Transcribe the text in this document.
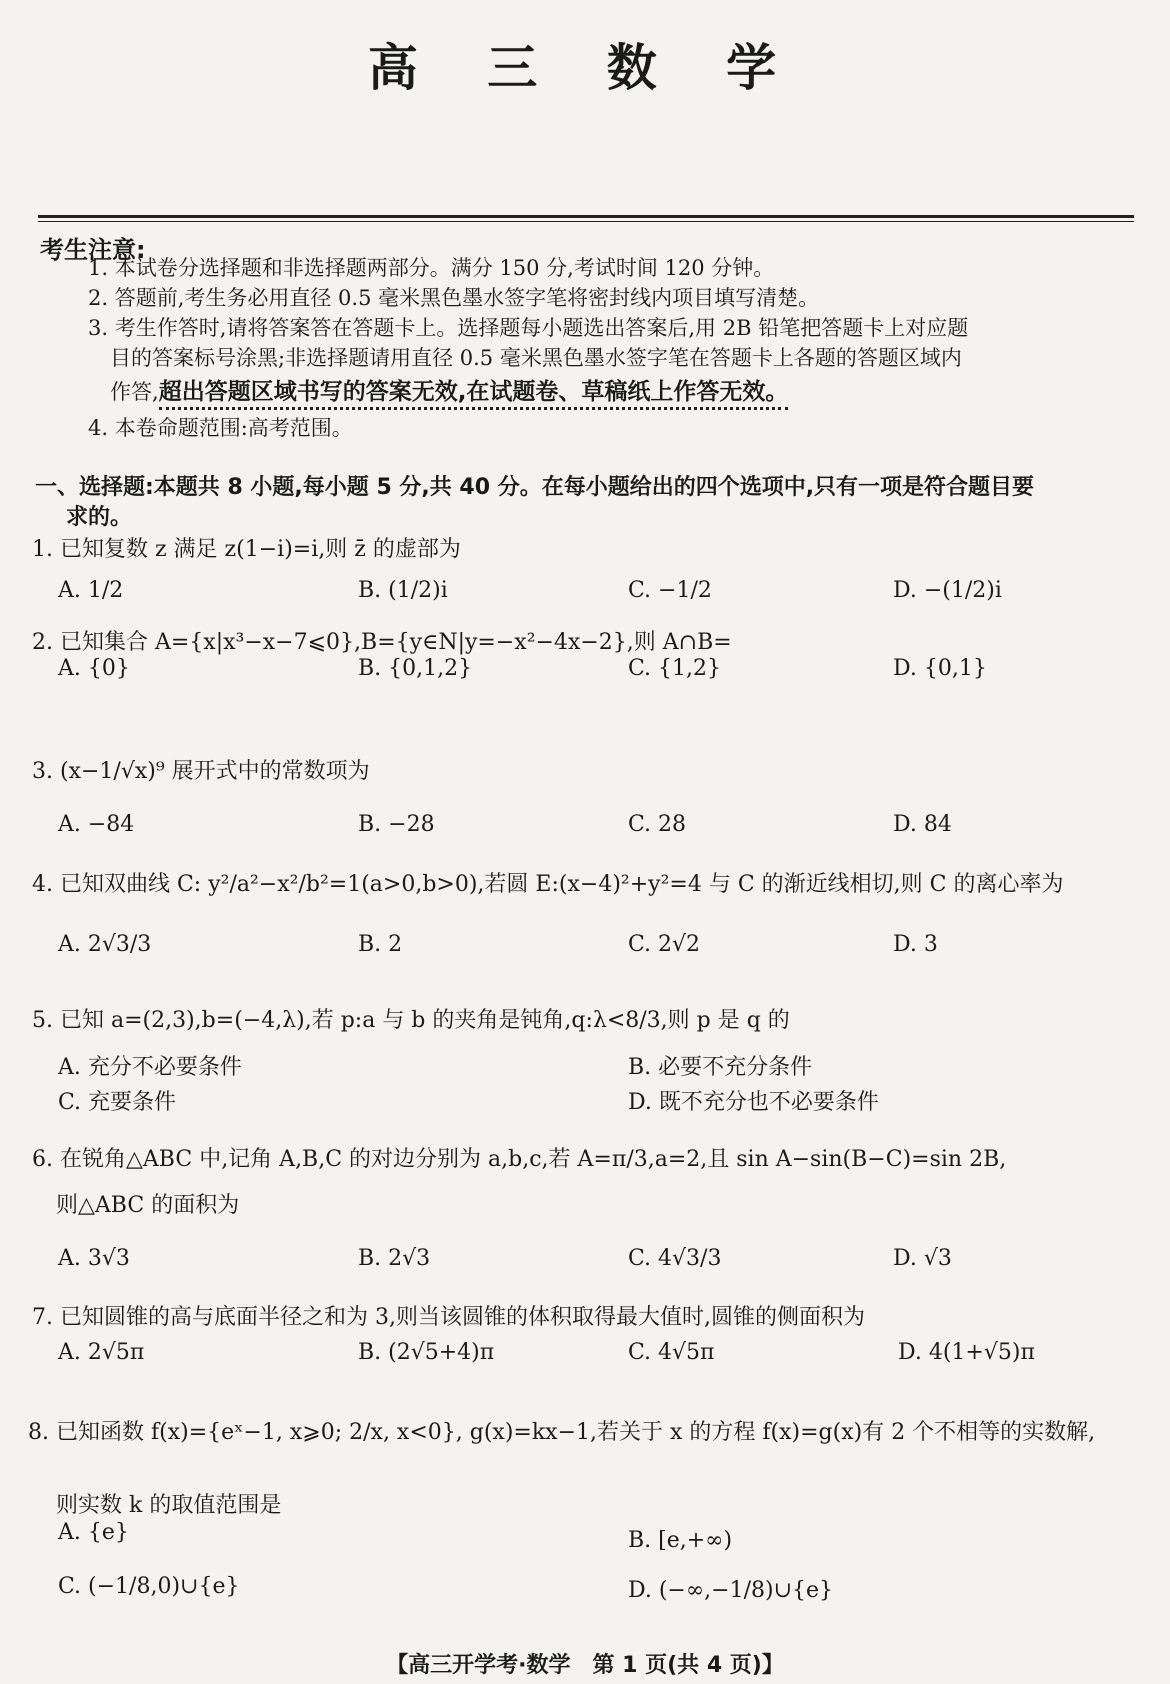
高 三 数 学
考生注意:
1. 本试卷分选择题和非选择题两部分。满分 150 分,考试时间 120 分钟。
2. 答题前,考生务必用直径 0.5 毫米黑色墨水签字笔将密封线内项目填写清楚。
3. 考生作答时,请将答案答在答题卡上。选择题每小题选出答案后,用 2B 铅笔把答题卡上对应题
目的答案标号涂黑;非选择题请用直径 0.5 毫米黑色墨水签字笔在答题卡上各题的答题区域内
作答,超出答题区域书写的答案无效,在试题卷、草稿纸上作答无效。
4. 本卷命题范围:高考范围。
一、选择题:本题共 8 小题,每小题 5 分,共 40 分。在每小题给出的四个选项中,只有一项是符合题目要
求的。
1. 已知复数 z 满足 z(1−i)=i,则 z̄ 的虚部为
A. 1/2	B. (1/2)i	C. −1/2	D. −(1/2)i
2. 已知集合 A={x|x³−x−7⩽0},B={y∈N|y=−x²−4x−2},则 A∩B=
A. {0}	B. {0,1,2}	C. {1,2}	D. {0,1}
3. (x−1/√x)⁹ 展开式中的常数项为
A. −84	B. −28	C. 28	D. 84
4. 已知双曲线 C: y²/a²−x²/b²=1(a>0,b>0),若圆 E:(x−4)²+y²=4 与 C 的渐近线相切,则 C 的离心率为
A. 2√3/3	B. 2	C. 2√2	D. 3
5. 已知 a=(2,3),b=(−4,λ),若 p:a 与 b 的夹角是钝角,q:λ<8/3,则 p 是 q 的
A. 充分不必要条件	B. 必要不充分条件
C. 充要条件	D. 既不充分也不必要条件
6. 在锐角△ABC 中,记角 A,B,C 的对边分别为 a,b,c,若 A=π/3,a=2,且 sin A−sin(B−C)=sin 2B,
则△ABC 的面积为
A. 3√3	B. 2√3	C. 4√3/3	D. √3
7. 已知圆锥的高与底面半径之和为 3,则当该圆锥的体积取得最大值时,圆锥的侧面积为
A. 2√5π	B. (2√5+4)π	C. 4√5π	D. 4(1+√5)π
8. 已知函数 f(x)={eˣ−1, x⩾0; 2/x, x<0}, g(x)=kx−1,若关于 x 的方程 f(x)=g(x)有 2 个不相等的实数解,
则实数 k 的取值范围是
A. {e}	B. [e,+∞)
C. (−1/8,0)∪{e}	D. (−∞,−1/8)∪{e}
【高三开学考·数学　第 1 页(共 4 页)】
